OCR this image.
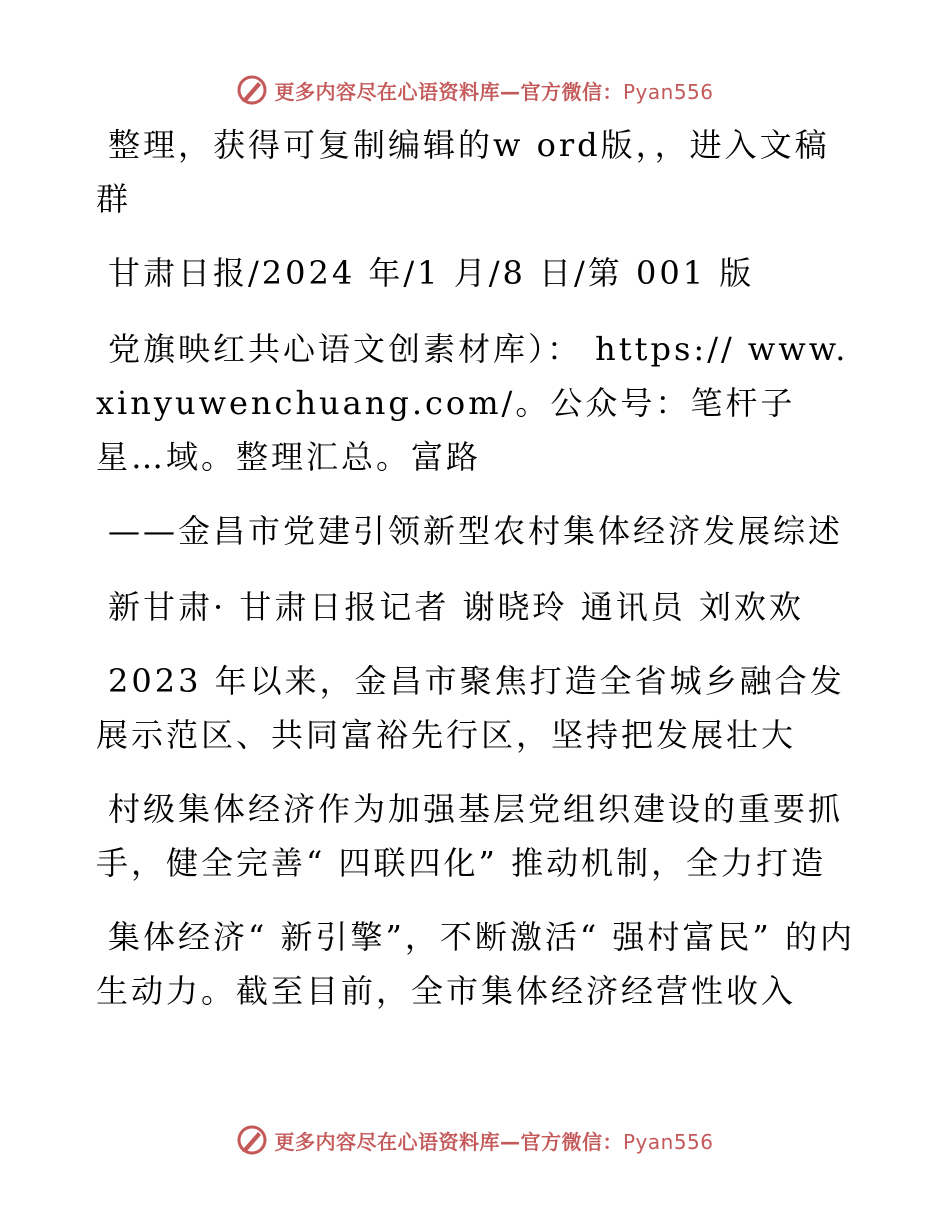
更多内容尽在心语资料库—官方微信：Pyan556

整理，获得可复制编辑的w ord版，，进入文稿群

甘肃日报/2024 年/1 月/8 日/第 001 版

党旗映红共心语文创素材库）： https:// www.xinyuwenchuang.com/。公众号：笔杆子星…域。整理汇总。富路

——金昌市党建引领新型农村集体经济发展综述

新甘肃· 甘肃日报记者 谢晓玲 通讯员 刘欢欢

2023 年以来，金昌市聚焦打造全省城乡融合发展示范区、共同富裕先行区，坚持把发展壮大

村级集体经济作为加强基层党组织建设的重要抓手，健全完善“ 四联四化” 推动机制，全力打造

集体经济“ 新引擎”，不断激活“ 强村富民” 的内生动力。截至目前，全市集体经济经营性收入

更多内容尽在心语资料库—官方微信：Pyan556
